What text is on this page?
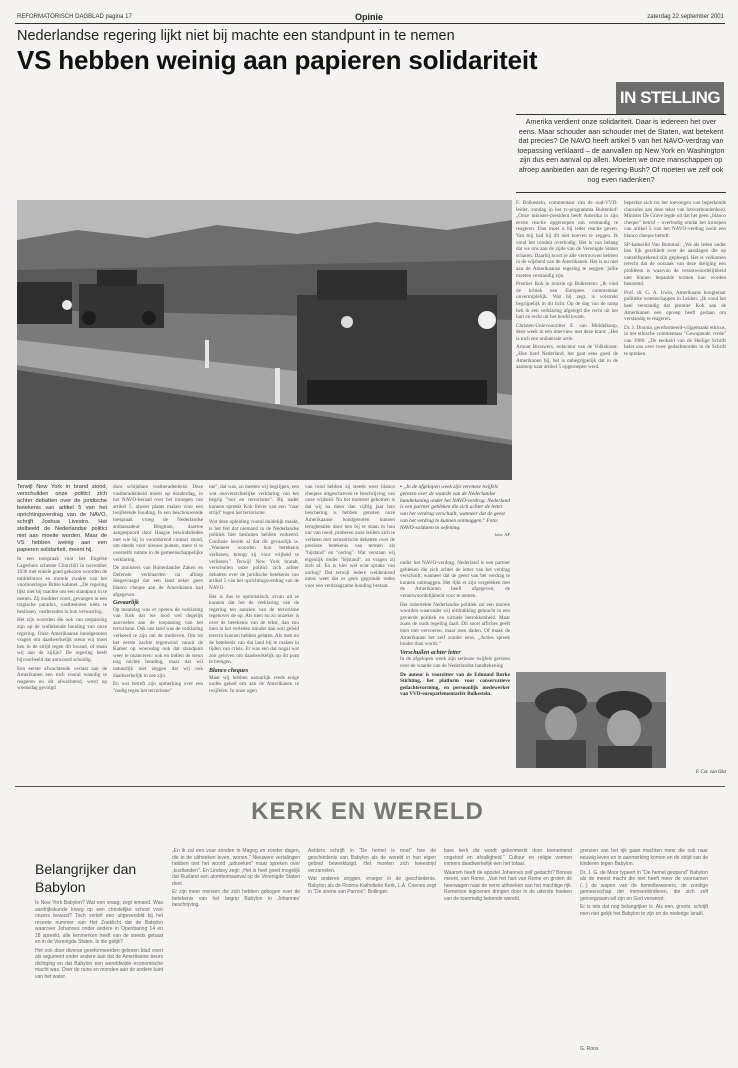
REFORMATORISCH DAGBLAD pagina 17	Opinie	zaterdag 22 september 2001
Nederlandse regering lijkt niet bij machte een standpunt in te nemen
VS hebben weinig aan papieren solidariteit
IN STELLING
Amerika verdient onze solidariteit. Daar is iedereen het over eens. Maar schouder aan schouder met de Staten, wat betekent dat precies? De NAVO heeft artikel 5 van het NAVO-verdrag van toepassing verklaard – de aanvallen op New York en Washington zijn dus een aanval op allen. Moeten we onze manschappen op afroep aanbieden aan de regering-Bush? Of moeten we zelf ook nog even nadenken?

Terwijl New York in brand stond, verschuilden onze politici zich achter debatten over de juridische betekenis van artikel 5 van het oprichtingsverdrag van de NAVO, schrijft Joshua Livestro. Het stelbeeld de Nederlandse politici niet aan moeite worden. Maar de VS hebben weinig aan een papieren solidariteit, meent hij.

In een toespraak voor het Engelse Lagerhuis schetste Churchill in november 1936 met enkele goed gekozen woorden de middelmoot en morele zwakte van het voornoorlogse Britse kabinet. „De regering lijkt niet bij machte om een standpunt in te nemen. Zij moddert voort, gevangen in een tragische paradox, vastbesloten niets te beslissen, vastberaden in hun verwarring.

Het zijn woorden die ook van toepassing zijn op de wollekende houding van onze regering. Onze Amerikaanse bondgenoten vragen om daadwerkelijk steun wij moet hen in de strijd tegen dit kwaad, of staan wij aan de zijlijn? De regering heeft bijvoorbeeld dat antwoord schuldig.

Een eerste afwachtende verrast aan de Amerikanen een toch vooral waardig te reageren en dit afwachtend, word op woensdag gevolgd

door schijnbare vastberadenheid. Deze vastberadenheid moest op donderdag, in het NAVO-beraad over het inroepen van artikel 5, alweer plaats maken voor een twijfelende houding. In een beschouwende toespraak vroeg de Nederlandse ambassadeur Bingman, daartoe aangespoord door Haagse bewindslieden met wie hij in voortdurend contact stond, om steeds voor nieuwe punten, meer ti ss overzelfs ruimte in de gemeenschappelijke verklaring.

De ministers van Buitenlandse Zaken en Defensie verklaarden na afloop desgevraagd dat een land zeker geen blanco cheque aan de Amerikanen had afgegeven.

Gevaarlijk

Op maandag was er opeens de verklaring van Kok dat we lood wel degelijk aanvoelen aan de toepassing van het terrorisme. Ook ons land was de verklaring verkeerd te zijn om de motieven. Om tot het eerste zachte tegenwind vanuit de Kamer op woensdag ook dat standpunt weer te nuanceren: ook en indien de steun nog nóchte houding, maar dat wil natuurlijk niet zeggen dat wij ook daadwerkelijk in zee zijn.

En wat betreft zijn opmerking over een "nodig tegen het terrorisme"

me", dat was, zo meeten wij begrijpen, een wat onoverzichtelijke verklaring van het begrip "oor en terrorisme". Bij nader kunnen spreekt Kok liever van een "naar strijd" tegen het terrorisme.

Wat deze opleiding vooral duidelijk maakt, is het feit dat niemand in de Nederlandse politiek hier besluiten hebben verkeerd. Confusie leerde al dat dit gevaarlijk is. „Wanneer woorden hun betekenis verliezen, brengt zij voor vrijheid te verliezen." Terwijl New York brandt, verschuilen onze politici zich achter debatten over de juridische betekenis van artikel 5 van het oprichtingsverdrag van de NAVO.

Het is dus te optimistisch, ervan uit te kunnen dat het de verklaring van de regering ten aanzien van de terrorisme tegenover de op. Als men nu zo onzeker is over de betekenis van de tekst, dan zou men in het verleden minder dan ooit geleid terecht kunnen hebben gelaten. Als men nu de betekenis van dat land bij te maken in tijden van crisis. Er was een dat nogal wat zou geloven om daadwerkelijk op dit punt te brengen.

Blanco cheques

Maar wij hebben natuurlijk reeds enige nodes gehad om aan de Amerikanen te twijfelen. In onze ogen

van rond hebben zij steeds weer blanco cheques uitgeschreven te beschrijving van onze vrijheid. Na het moment gekomen is dat wij na meer dan vijftig jaar hun beschering is hebben genoten onze Amerikaanse bondgenoten kunnen terugbetalen door hen bij te staan in hun uur van nood, proberen onze leiders zich te verlaten met semantische debatten over de precieze betekenis van termen als "bijstand" en "oorlog". Wat verstaan wij eigenlijk onder "bijstand", zo vragen zij zich af. En is hier wel echt sprake van oorlog? Dat terwijl iedere weldenkend mens weet dat er geen gegronde reden voor een verdraagzame houding bestaat.

▪ „In de afgelopen week zijn vereneze twijfels gerezen over de waarde van de Nederlandse handtekening onder het NAVO-verdrag. Nederland is een partner gebleken die zich achter de letter van het verdrag verschuilt, wanneer dat de geest van het verdrag te kunnen ontmaggen." Foto: NAVO-soldaten in oefening.
foto: AP

onder het NAVO-verdrag. Nederland is een partner gebleken die zich achter de letter van het verdrag verschuilt, wanneer dat de geest van het verdrag te kunnen ontmaggen. Het lijkt er zijn vergeleken met de Amerikanen heeft afgegeven; de verantwoordelijkheid voor te nemen.

Het onbetrekte Nederlandse politiek zal een morele woorden waaronder wij uitdrukking gebracht in een gevierde politiek en virtuele betrokkenheid. Maar zoals de ouds regeling faalt. Dit soort affiches geeft men niet vervoeren, maar men daden. Of maak de Amerikanen het zelf zonder eens. „Acties spreek louder than words."

Verschuilen achter letter

In de afgelopen week zijn serieuze twijfels gerezen over de waarde van de Nederlandse handtekening

De auteur is voorzitter van de Edmund Burke Stichting, het platform voor conservatieve gedachtevorming, en persoonlijk medewerker van VVD-europarlementariër Bolkestein.

F. Bolkestein, commentaar van de oud-VVD-leider, zondag in het tv-programma Buitenhof: „Onze minister-president heeft Amerika in zijn eerste reactie opgeroepen om verstandig te reageren. Dan moet u bij ieder reactie geven. Van mij had hij dit niet hoeven te zeggen. Ik vond het ronduit overbodig. Het is van belang dat we ons aan de zijde van de Verenigde Staten scharen. Daarbij hoort je alle vertrouwen hebben in de wijsheid van de Amerikanen. Het is nu niet aan de Amerikaanse regering te zeggen: jullie moeten verstandig zijn.

Premier Kok in reactie op Bolkestein: „Ik vind de kritiek een Europees commentaar onvermijdelijk. Wat hij zegt, is volstrekt begrijpelijk in dit licht. Op de dag van de ramp heb ik een verklaring afgelegd die recht uit het hart en recht uit het hoofd kwam.

Christen-Unievoorzitter E. van Middelkoop, deze week in een interview met deze krant: „Het is toch een unilaterale actie.

Arnout Brouwers, redacteur van de Volkskrant: „Hoe hard Nederland, het gaat eens goed de Amerikanen bij, het is onbegrijpelijk dat in de aanloop naar artikel 5 opgeroepen werd.

beperkte zich tot het toevoegen van beperkende clausules aan deze tekst van lotsverbondenheid. Minister De Grave legde uit dat het geen „blanco cheque" betrof – overbodig omdat het inroepen van artikel 5 van het NAVO-verdrag nooit een blanco cheque betreft.

SP-kamerlid Van Bommel: „We als leden onder hen lijk geschiedt over de aanslagen die op vanzelfsprekend zijn gepleegd. Het is volkomen terecht dat de oorzaak van deze dreiging een probleem is waarvan de verantwoordelijkheid niet binnen bepaalde termen kan worden benoemd.

Prof. dr. G. A. Irwin, Amerikaans hoogleraar politieke wetenschappen in Leiden: „Ik vond het heel verstandig dat premier Kok aan de Amerikanen een oproep heeft gedaan om verstandig te reageren.

Dr. J. Douma, gereformeerd-vrijgemaakt ethicus, in het ethische commentaar "Gewapende vrede" van 1986: „De eenheid van de Heilige Schrift belet ons over twee gedachteordes in de Schrift te spreken.

F. Cor. van Olst
KERK EN WERELD
Belangrijker dan Babylon

Is New York Babylon? Wat een vraag, zegt iemand. Was aardrijkskunde kreeg op een christelijke school voor onzers bewust? Toch vertelt een uitgeversbld bij het recente nummer van Het Zoeklicht dat de Babylon waarover Johannes onder andere in Openbaring 14 en 18 spreekt, alle kenmerken heeft van de steeds gehaat en in de Verenigde Staten. Is die gelijk?

Het ook door diverse gereformeerden gelezen blad voert als argument onder andere aan dat de Amerikanse beurs dichtging en dat Babylon een wereldwijde economische macht was. Over de ruins en monden aan de andere kant van het water.

„En ik zal een vuur zenden in Magog en zonder dagen, die in de uithoeken leven, wonen." Nieuwere vertalingen hebben niet het woord „uithoeken" maar spreken over „kustlanden". En Lindsey zegt: „Het is heel goed mogelijk dat Rusland een atombomaanval op de Verenigde Staten doet.

Er zijn meer mensen die zich hebben gebogen over de betekenis van het begrip Babylon in Johannes' beschrijving.

Aelders schrijft in "De hemel is rood" hoe de geschiedenis van Babylon als de wereld in hun eigen gebied bewerktuigd. Het moeten zich tweestrijd verzamelen.

Wat anderen zeggen, vroeger in de geschiedenis. Babylon als de Rooms-Katholieke Kerk, L.A. Coenes zegt in "De sirene van Parnos": Bollinger.

bare kerk die wordt gekenmerkt door toenemend ongeloof en afvalligheid." Cultuur en religie vormen immers daadwerkelijk een het totaal.

Waarom heeft de apostel Johannes zelf gedacht? Boreas meent, van Rome. „Van het hart van Rome en groten de heerwagen naar de verre uithoeken van het machtige rijk. Romeinse legioenen dringen door in de uiterste hoeken van de toenmalig bekende wereld.

grenzen van het rijk gaan machten meer die ook naar eeuwig leven en in aanmerking komen en de strijd van de kinderen tegen Babylon.

Dr. J. G. de Moor typeert in "De hemel geopend" Babylon als de meest macht die niet heeft meer de voornamen (...) de wapen van de hemelbewoners, de zondige gemeenschap der mensenkinderen, die zich zelf genoegzaam wil zijn en God verwerpt.

Er is iets dat nog belangrijker is. Als een, groots, schrijft men niet gelijk het Babylon te zijn en de nederige Israël.

G. Roos
